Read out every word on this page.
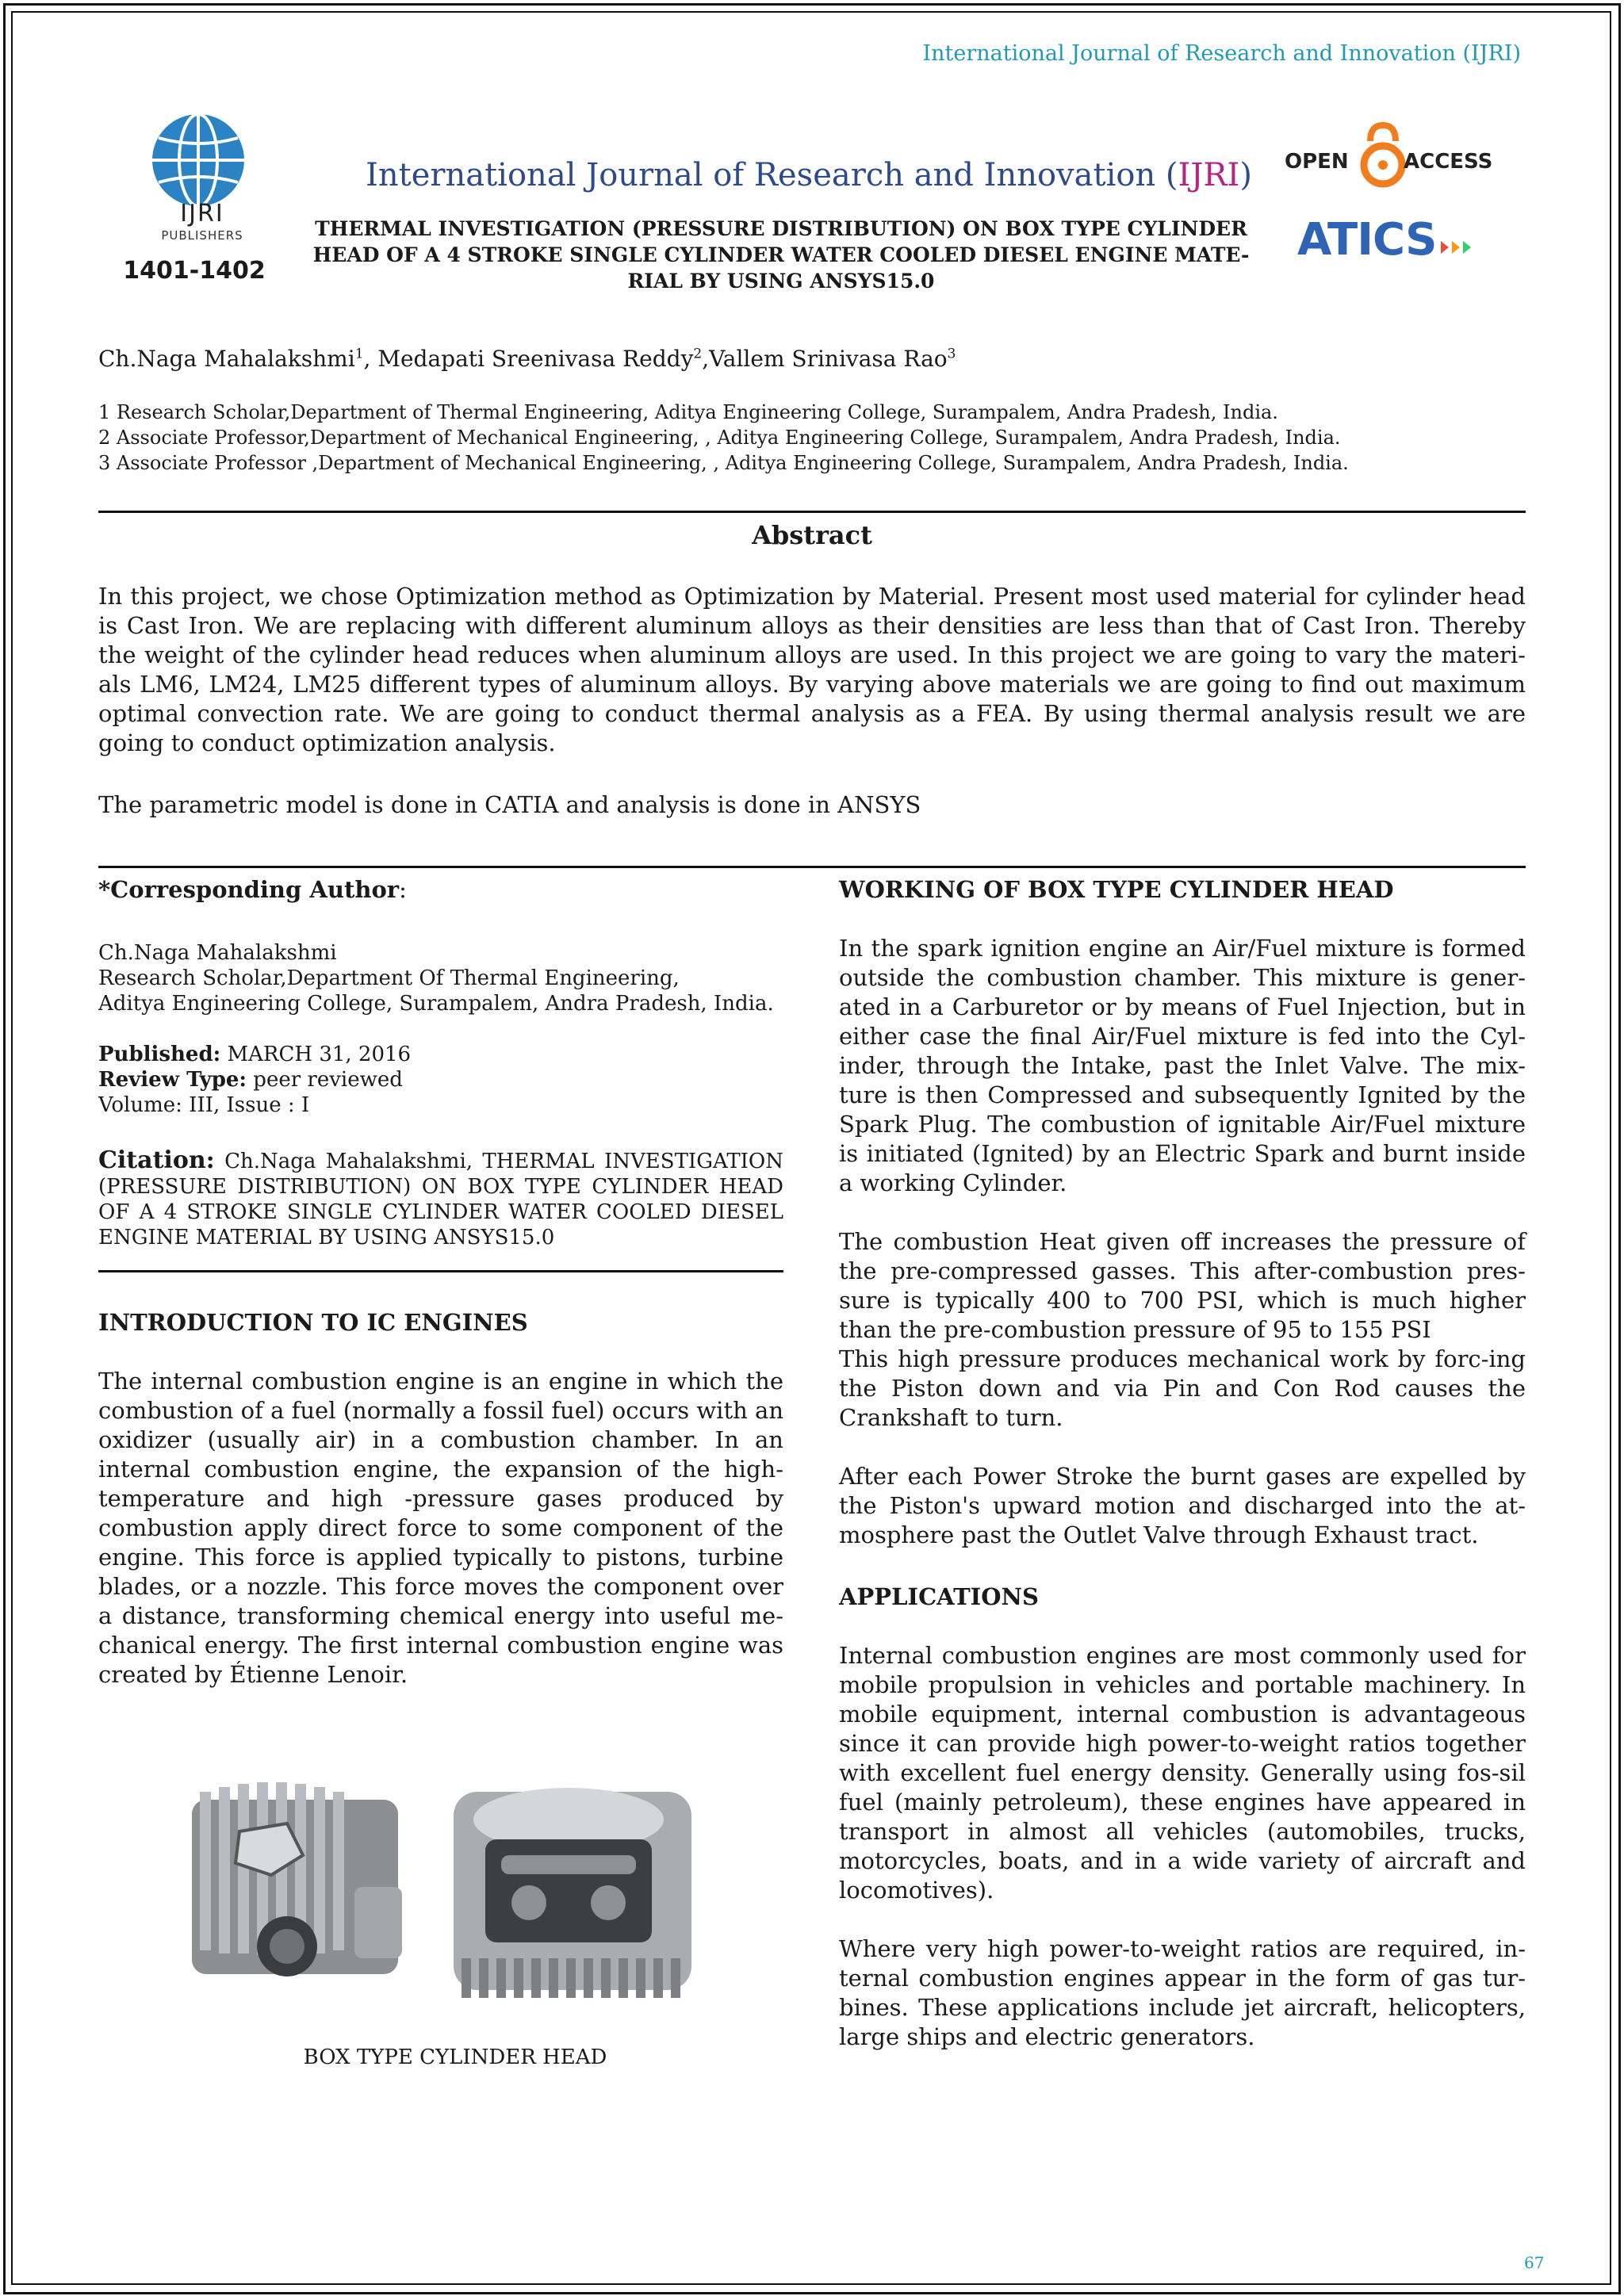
International Journal of Research and Innovation (IJRI)
IJRI
PUBLISHERS
1401-1402
International Journal of Research and Innovation (IJRI)
THERMAL INVESTIGATION (PRESSURE DISTRIBUTION) ON BOX TYPE CYLINDER
HEAD OF A 4 STROKE SINGLE CYLINDER WATER COOLED DIESEL ENGINE MATE-
RIAL BY USING ANSYS15.0
OPEN	ACCESS
ATICS
Ch.Naga Mahalakshmi$^1$, Medapati Sreenivasa Reddy$^2$,Vallem Srinivasa Rao$^3$
1 Research Scholar,Department of Thermal Engineering, Aditya Engineering College, Surampalem, Andra Pradesh, India.
2 Associate Professor,Department of Mechanical Engineering, , Aditya Engineering College, Surampalem, Andra Pradesh, India.
3 Associate Professor ,Department of Mechanical Engineering, , Aditya Engineering College, Surampalem, Andra Pradesh, India.
Abstract

In this project, we chose Optimization method as Optimization by Material. Present most used material for cylinder head is Cast Iron. We are replacing with different aluminum alloys as their densities are less than that of Cast Iron. Thereby the weight of the cylinder head reduces when aluminum alloys are used. In this project we are going to vary the materi-als LM6, LM24, LM25 different types of aluminum alloys. By varying above materials we are going to find out maximum optimal convection rate. We are going to conduct thermal analysis as a FEA. By using thermal analysis result we are going to conduct optimization analysis.

The parametric model is done in CATIA and analysis is done in ANSYS

*Corresponding Author:
Ch.Naga Mahalakshmi
Research Scholar,Department Of Thermal Engineering,
Aditya Engineering College, Surampalem, Andra Pradesh, India.
Published: MARCH 31, 2016
Review Type: peer reviewed
Volume: III, Issue : I
Citation: Ch.Naga Mahalakshmi, THERMAL INVESTIGATION (PRESSURE DISTRIBUTION) ON BOX TYPE CYLINDER HEAD OF A 4 STROKE SINGLE CYLINDER WATER COOLED DIESEL ENGINE MATERIAL BY USING ANSYS15.0
INTRODUCTION TO IC ENGINES

The internal combustion engine is an engine in which the combustion of a fuel (normally a fossil fuel) occurs with an oxidizer (usually air) in a combustion chamber. In an internal combustion engine, the expansion of the high-temperature and high -pressure gases produced by combustion apply direct force to some component of the engine. This force is applied typically to pistons, turbine blades, or a nozzle. This force moves the component over a distance, transforming chemical energy into useful me-chanical energy. The first internal combustion engine was created by Étienne Lenoir.

BOX TYPE CYLINDER HEAD
WORKING OF BOX TYPE CYLINDER HEAD

In the spark ignition engine an Air/Fuel mixture is formed outside the combustion chamber. This mixture is gener-ated in a Carburetor or by means of Fuel Injection, but in either case the final Air/Fuel mixture is fed into the Cyl-inder, through the Intake, past the Inlet Valve. The mix-ture is then Compressed and subsequently Ignited by the Spark Plug. The combustion of ignitable Air/Fuel mixture is initiated (Ignited) by an Electric Spark and burnt inside a working Cylinder.

The combustion Heat given off increases the pressure of the pre-compressed gasses. This after-combustion pres-sure is typically 400 to 700 PSI, which is much higher than the pre-combustion pressure of 95 to 155 PSI

This high pressure produces mechanical work by forc-ing the Piston down and via Pin and Con Rod causes the Crankshaft to turn.

After each Power Stroke the burnt gases are expelled by the Piston's upward motion and discharged into the at-mosphere past the Outlet Valve through Exhaust tract.

APPLICATIONS

Internal combustion engines are most commonly used for mobile propulsion in vehicles and portable machinery. In mobile equipment, internal combustion is advantageous since it can provide high power-to-weight ratios together with excellent fuel energy density. Generally using fos-sil fuel (mainly petroleum), these engines have appeared in transport in almost all vehicles (automobiles, trucks, motorcycles, boats, and in a wide variety of aircraft and locomotives).

Where very high power-to-weight ratios are required, in-ternal combustion engines appear in the form of gas tur-bines. These applications include jet aircraft, helicopters, large ships and electric generators.

67
